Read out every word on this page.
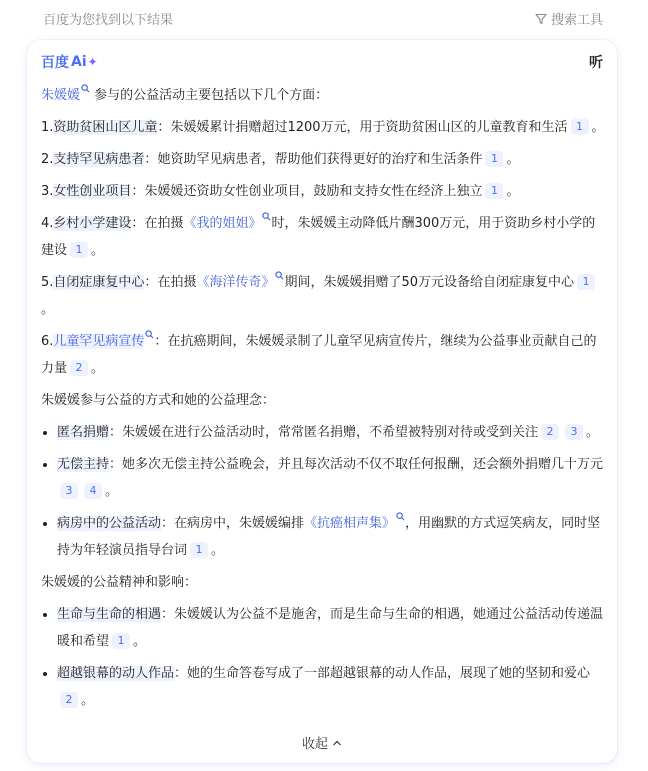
百度为您找到以下结果	搜索工具
百度 Ai ✦	听

朱媛媛 参与的公益活动主要包括以下几个方面：

1.资助贫困山区儿童：朱媛媛累计捐赠超过1200万元，用于资助贫困山区的儿童教育和生活 1 。

2.支持罕见病患者：她资助罕见病患者，帮助他们获得更好的治疗和生活条件 1 。

3.女性创业项目：朱媛媛还资助女性创业项目，鼓励和支持女性在经济上独立 1 。

4.乡村小学建设：在拍摄《我的姐姐》 时，朱媛媛主动降低片酬300万元，用于资助乡村小学的建设 1 。

5.自闭症康复中心：在拍摄《海洋传奇》 期间，朱媛媛捐赠了50万元设备给自闭症康复中心 1。

6.儿童罕见病宣传 ：在抗癌期间，朱媛媛录制了儿童罕见病宣传片，继续为公益事业贡献自己的力量 2 。

朱媛媛参与公益的方式和她的公益理念：

匿名捐赠：朱媛媛在进行公益活动时，常常匿名捐赠，不希望被特别对待或受到关注 2 3 。
无偿主持：她多次无偿主持公益晚会，并且每次活动不仅不取任何报酬，还会额外捐赠几十万元3 4 。
病房中的公益活动：在病房中，朱媛媛编排《抗癌相声集》 ，用幽默的方式逗笑病友，同时坚持为年轻演员指导台词 1 。

朱媛媛的公益精神和影响：

生命与生命的相遇：朱媛媛认为公益不是施舍，而是生命与生命的相遇，她通过公益活动传递温暖和希望 1 。
超越银幕的动人作品：她的生命答卷写成了一部超越银幕的动人作品，展现了她的坚韧和爱心2 。
收起
